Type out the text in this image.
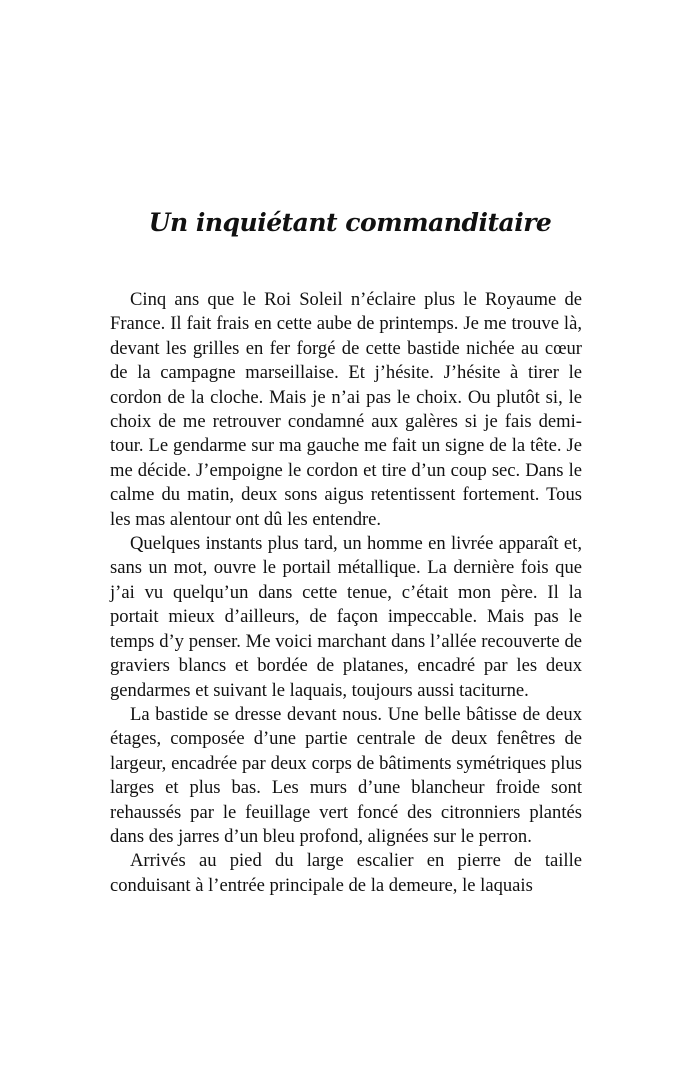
Un inquiétant commanditaire

Cinq ans que le Roi Soleil n’éclaire plus le Royaume de France. Il fait frais en cette aube de printemps. Je me trouve là, devant les grilles en fer forgé de cette bastide nichée au cœur de la campagne marseillaise. Et j’hésite. J’hésite à tirer le cordon de la cloche. Mais je n’ai pas le choix. Ou plutôt si, le choix de me retrouver condamné aux galères si je fais demi-tour. Le gendarme sur ma gauche me fait un signe de la tête. Je me décide. J’empoigne le cordon et tire d’un coup sec. Dans le calme du matin, deux sons aigus retentissent fortement. Tous les mas alentour ont dû les entendre.

Quelques instants plus tard, un homme en livrée apparaît et, sans un mot, ouvre le portail métallique. La dernière fois que j’ai vu quelqu’un dans cette tenue, c’était mon père. Il la portait mieux d’ailleurs, de façon impeccable. Mais pas le temps d’y penser. Me voici marchant dans l’allée recouverte de graviers blancs et bordée de platanes, encadré par les deux gendarmes et suivant le laquais, toujours aussi taciturne.

La bastide se dresse devant nous. Une belle bâtisse de deux étages, composée d’une partie centrale de deux fenêtres de largeur, encadrée par deux corps de bâtiments symétriques plus larges et plus bas. Les murs d’une blancheur froide sont rehaussés par le feuillage vert foncé des citronniers plantés dans des jarres d’un bleu profond, alignées sur le perron.

Arrivés au pied du large escalier en pierre de taille conduisant à l’entrée principale de la demeure, le laquais
